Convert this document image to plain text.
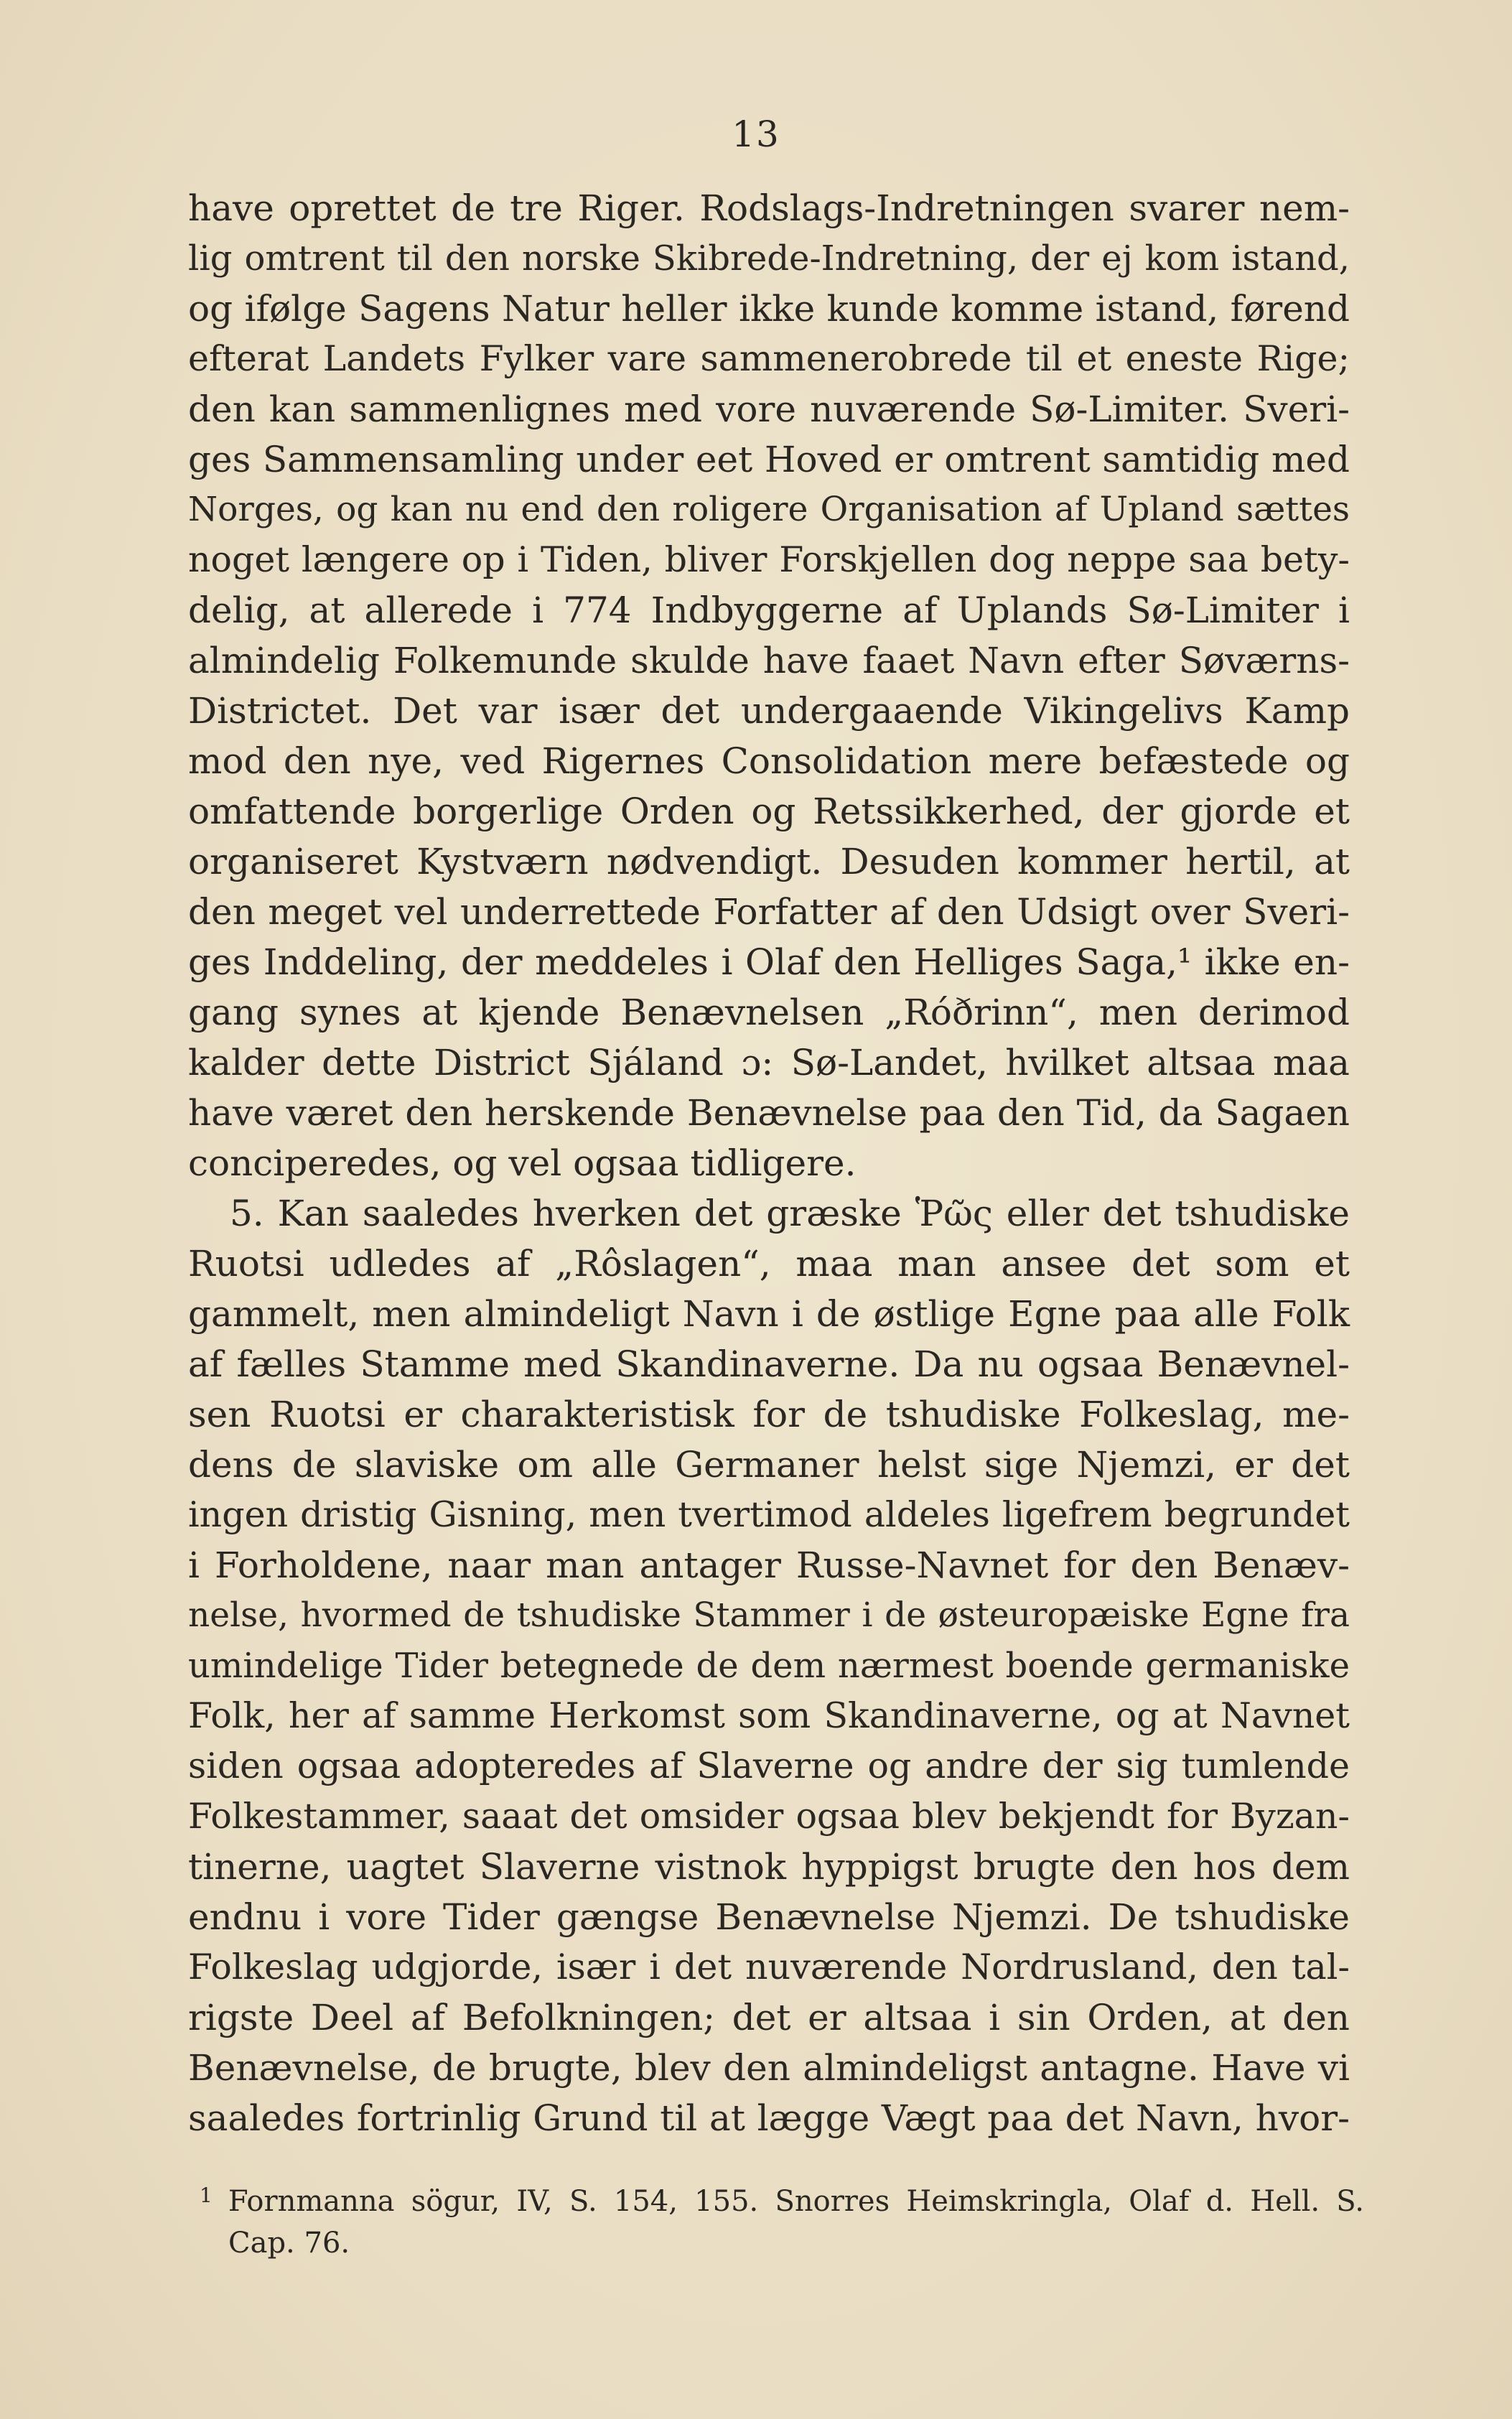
13
have oprettet de tre Riger. Rodslags-Indretningen svarer nem-
lig omtrent til den norske Skibrede-Indretning, der ej kom istand,
og ifølge Sagens Natur heller ikke kunde komme istand, førend
efterat Landets Fylker vare sammenerobrede til et eneste Rige;
den kan sammenlignes med vore nuværende Sø-Limiter. Sveri-
ges Sammensamling under eet Hoved er omtrent samtidig med
Norges, og kan nu end den roligere Organisation af Upland sættes
noget længere op i Tiden, bliver Forskjellen dog neppe saa bety-
delig, at allerede i 774 Indbyggerne af Uplands Sø-Limiter i
almindelig Folkemunde skulde have faaet Navn efter Søværns-
Districtet. Det var især det undergaaende Vikingelivs Kamp
mod den nye, ved Rigernes Consolidation mere befæstede og
omfattende borgerlige Orden og Retssikkerhed, der gjorde et
organiseret Kystværn nødvendigt. Desuden kommer hertil, at
den meget vel underrettede Forfatter af den Udsigt over Sveri-
ges Inddeling, der meddeles i Olaf den Helliges Saga,¹ ikke en-
gang synes at kjende Benævnelsen „Róðrinn“, men derimod
kalder dette District Sjáland ɔ: Sø-Landet, hvilket altsaa maa
have været den herskende Benævnelse paa den Tid, da Sagaen
conciperedes, og vel ogsaa tidligere.
5. Kan saaledes hverken det græske Ῥῶς eller det tshudiske
Ruotsi udledes af „Rôslagen“, maa man ansee det som et
gammelt, men almindeligt Navn i de østlige Egne paa alle Folk
af fælles Stamme med Skandinaverne. Da nu ogsaa Benævnel-
sen Ruotsi er charakteristisk for de tshudiske Folkeslag, me-
dens de slaviske om alle Germaner helst sige Njemzi, er det
ingen dristig Gisning, men tvertimod aldeles ligefrem begrundet
i Forholdene, naar man antager Russe-Navnet for den Benæv-
nelse, hvormed de tshudiske Stammer i de østeuropæiske Egne fra
umindelige Tider betegnede de dem nærmest boende germaniske
Folk, her af samme Herkomst som Skandinaverne, og at Navnet
siden ogsaa adopteredes af Slaverne og andre der sig tumlende
Folkestammer, saaat det omsider ogsaa blev bekjendt for Byzan-
tinerne, uagtet Slaverne vistnok hyppigst brugte den hos dem
endnu i vore Tider gængse Benævnelse Njemzi. De tshudiske
Folkeslag udgjorde, især i det nuværende Nordrusland, den tal-
rigste Deel af Befolkningen; det er altsaa i sin Orden, at den
Benævnelse, de brugte, blev den almindeligst antagne. Have vi
saaledes fortrinlig Grund til at lægge Vægt paa det Navn, hvor-
$^1$ Fornmanna sögur, IV, S. 154, 155. Snorres Heimskringla, Olaf d. Hell. S.
Cap. 76.
